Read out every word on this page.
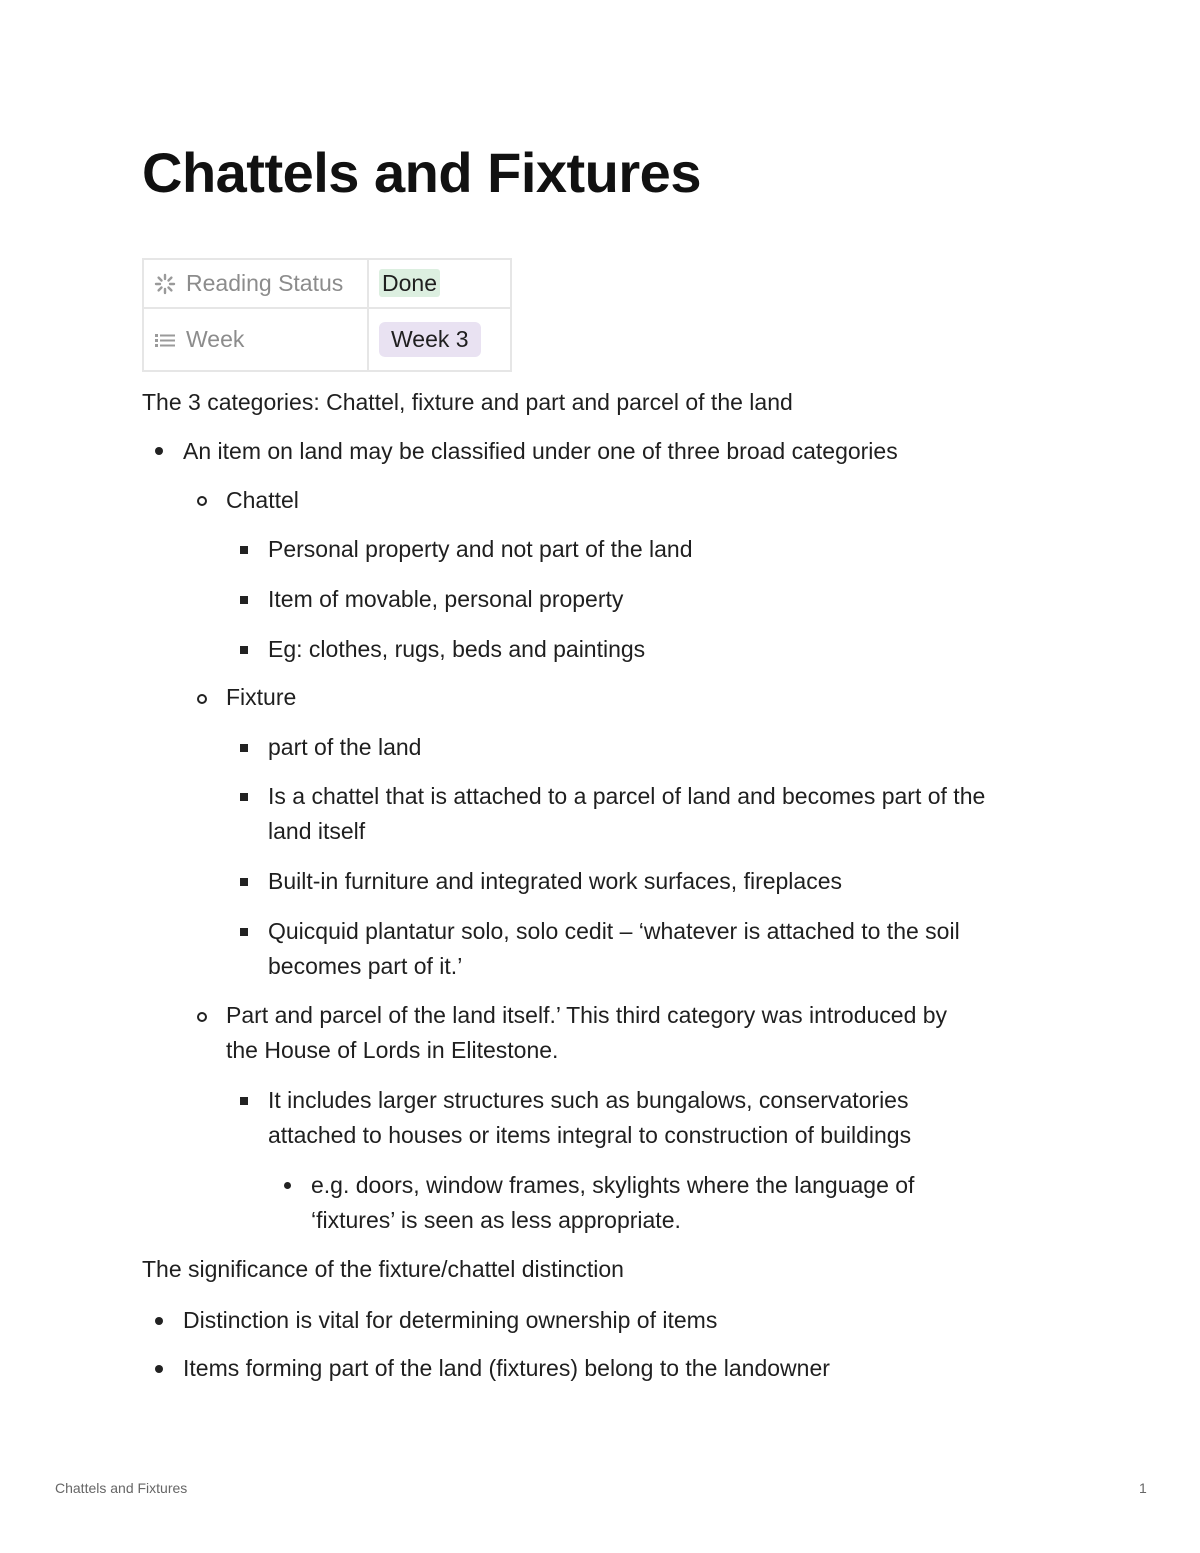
Chattels and Fixtures
Reading Status	Done

Week	Week 3

The 3 categories: Chattel, fixture and part and parcel of the land

An item on land may be classified under one of three broad categories

Chattel

Personal property and not part of the land

Item of movable, personal property

Eg: clothes, rugs, beds and paintings

Fixture

part of the land

Is a chattel that is attached to a parcel of land and becomes part of the

land itself

Built-in furniture and integrated work surfaces, fireplaces

Quicquid plantatur solo, solo cedit – ‘whatever is attached to the soil

becomes part of it.’

Part and parcel of the land itself.’ This third category was introduced by

the House of Lords in Elitestone.

It includes larger structures such as bungalows, conservatories

attached to houses or items integral to construction of buildings

e.g. doors, window frames, skylights where the language of

‘fixtures’ is seen as less appropriate.

The significance of the fixture/chattel distinction

Distinction is vital for determining ownership of items

Items forming part of the land (fixtures) belong to the landowner

Chattels and Fixtures	1
